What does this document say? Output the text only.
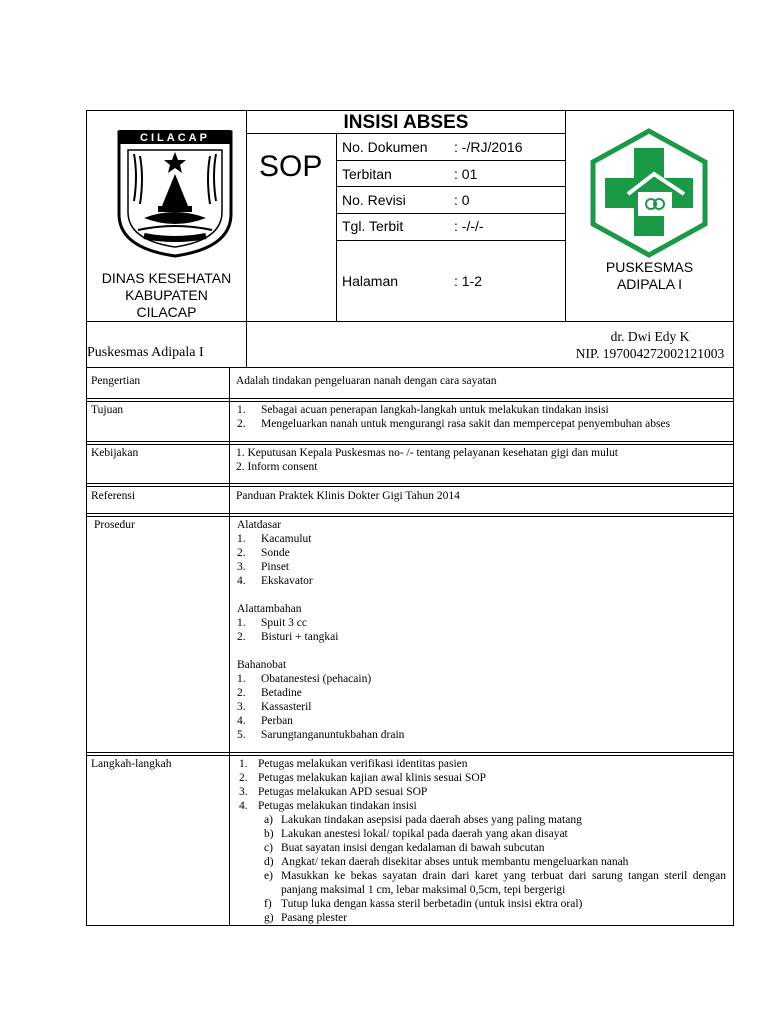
CILACAP
DINAS KESEHATAN
KABUPATEN
CILACAP
INSISI ABSES
SOP
No. Dokumen : -/RJ/2016
Terbitan	: 01
No. Revisi	: 0
Tgl. Terbit	: -/-/-
Halaman	: 1-2
PUSKESMAS
ADIPALA I
Puskesmas Adipala I
dr. Dwi Edy K
NIP. 197004272002121003
Pengertian	Adalah tindakan pengeluaran nanah dengan cara sayatan
Tujuan	1. Sebagai acuan penerapan langkah-langkah untuk melakukan tindakan insisi
2. Mengeluarkan nanah untuk mengurangi rasa sakit dan mempercepat penyembuhan abses
Kebijakan	1. Keputusan Kepala Puskesmas no- /- tentang pelayanan kesehatan gigi dan mulut
2. Inform consent
Referensi	Panduan Praktek Klinis Dokter Gigi Tahun 2014
Prosedur	Alatdasar
1. Kacamulut
2. Sonde
3. Pinset
4. Ekskavator
Alattambahan
1. Spuit 3 cc
2. Bisturi + tangkai
Bahanobat
1. Obatanestesi (pehacain)
2. Betadine
3. Kassasteril
4. Perban
5. Sarungtanganuntukbahan drain
Langkah-langkah	1. Petugas melakukan verifikasi identitas pasien
2. Petugas melakukan kajian awal klinis sesuai SOP
3. Petugas melakukan APD sesuai SOP
4. Petugas melakukan tindakan insisi
a) Lakukan tindakan asepsisi pada daerah abses yang paling matang
b) Lakukan anestesi lokal/ topikal pada daerah yang akan disayat
c) Buat sayatan insisi dengan kedalaman di bawah subcutan
d) Angkat/ tekan daerah disekitar abses untuk membantu mengeluarkan nanah
e) Masukkan ke bekas sayatan drain dari karet yang terbuat dari sarung tangan steril dengan panjang maksimal 1 cm, lebar maksimal 0,5cm, tepi bergerigi
f) Tutup luka dengan kassa steril berbetadin (untuk insisi ektra oral)
g) Pasang plester
